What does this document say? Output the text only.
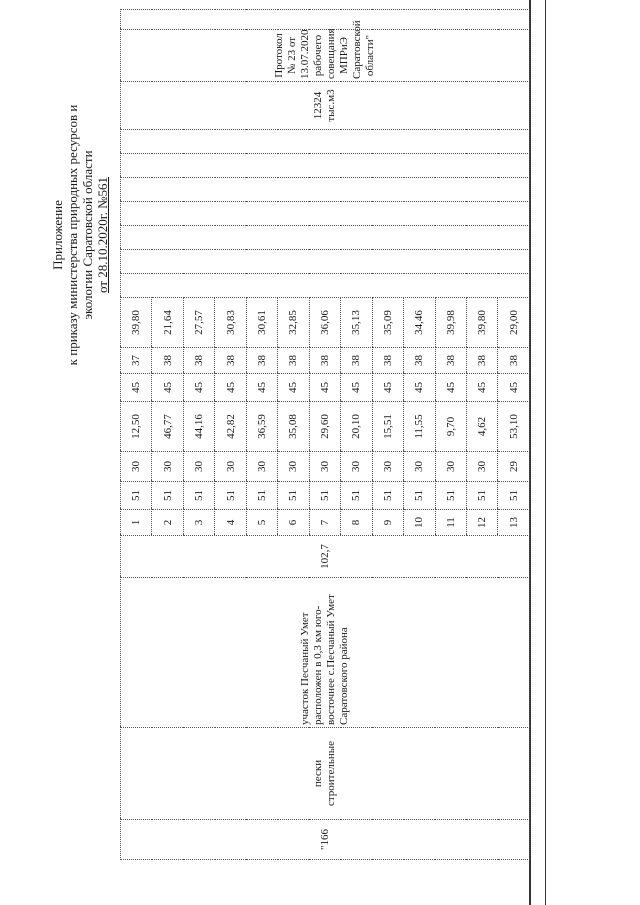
Приложение к приказу министерства природных ресурсов и экологии Саратовской области от 28.10.2020г. №561
"166	пески строительные	участок Песчаный Умет расположен в 0,3 км юго-восточнее с.Песчаный Умет Саратовского района	102,7	1	51	30	12,50	45	37	39,80								12324 тыс.м3	Протокол № 23 от 13.07.2020 рабочего совещания МПРиЭ Саратовской области"	
				2	51	30	46,77	45	38	21,64										
				3	51	30	44,16	45	38	27,57										
				4	51	30	42,82	45	38	30,83										
				5	51	30	36,59	45	38	30,61										
				6	51	30	35,08	45	38	32,85										
				7	51	30	29,60	45	38	36,06										
				8	51	30	20,10	45	38	35,13										
				9	51	30	15,51	45	38	35,09										
				10	51	30	11,55	45	38	34,46										
				11	51	30	9,70	45	38	39,98										
				12	51	30	4,62	45	38	39,80										
				13	51	29	53,10	45	38	29,00										
